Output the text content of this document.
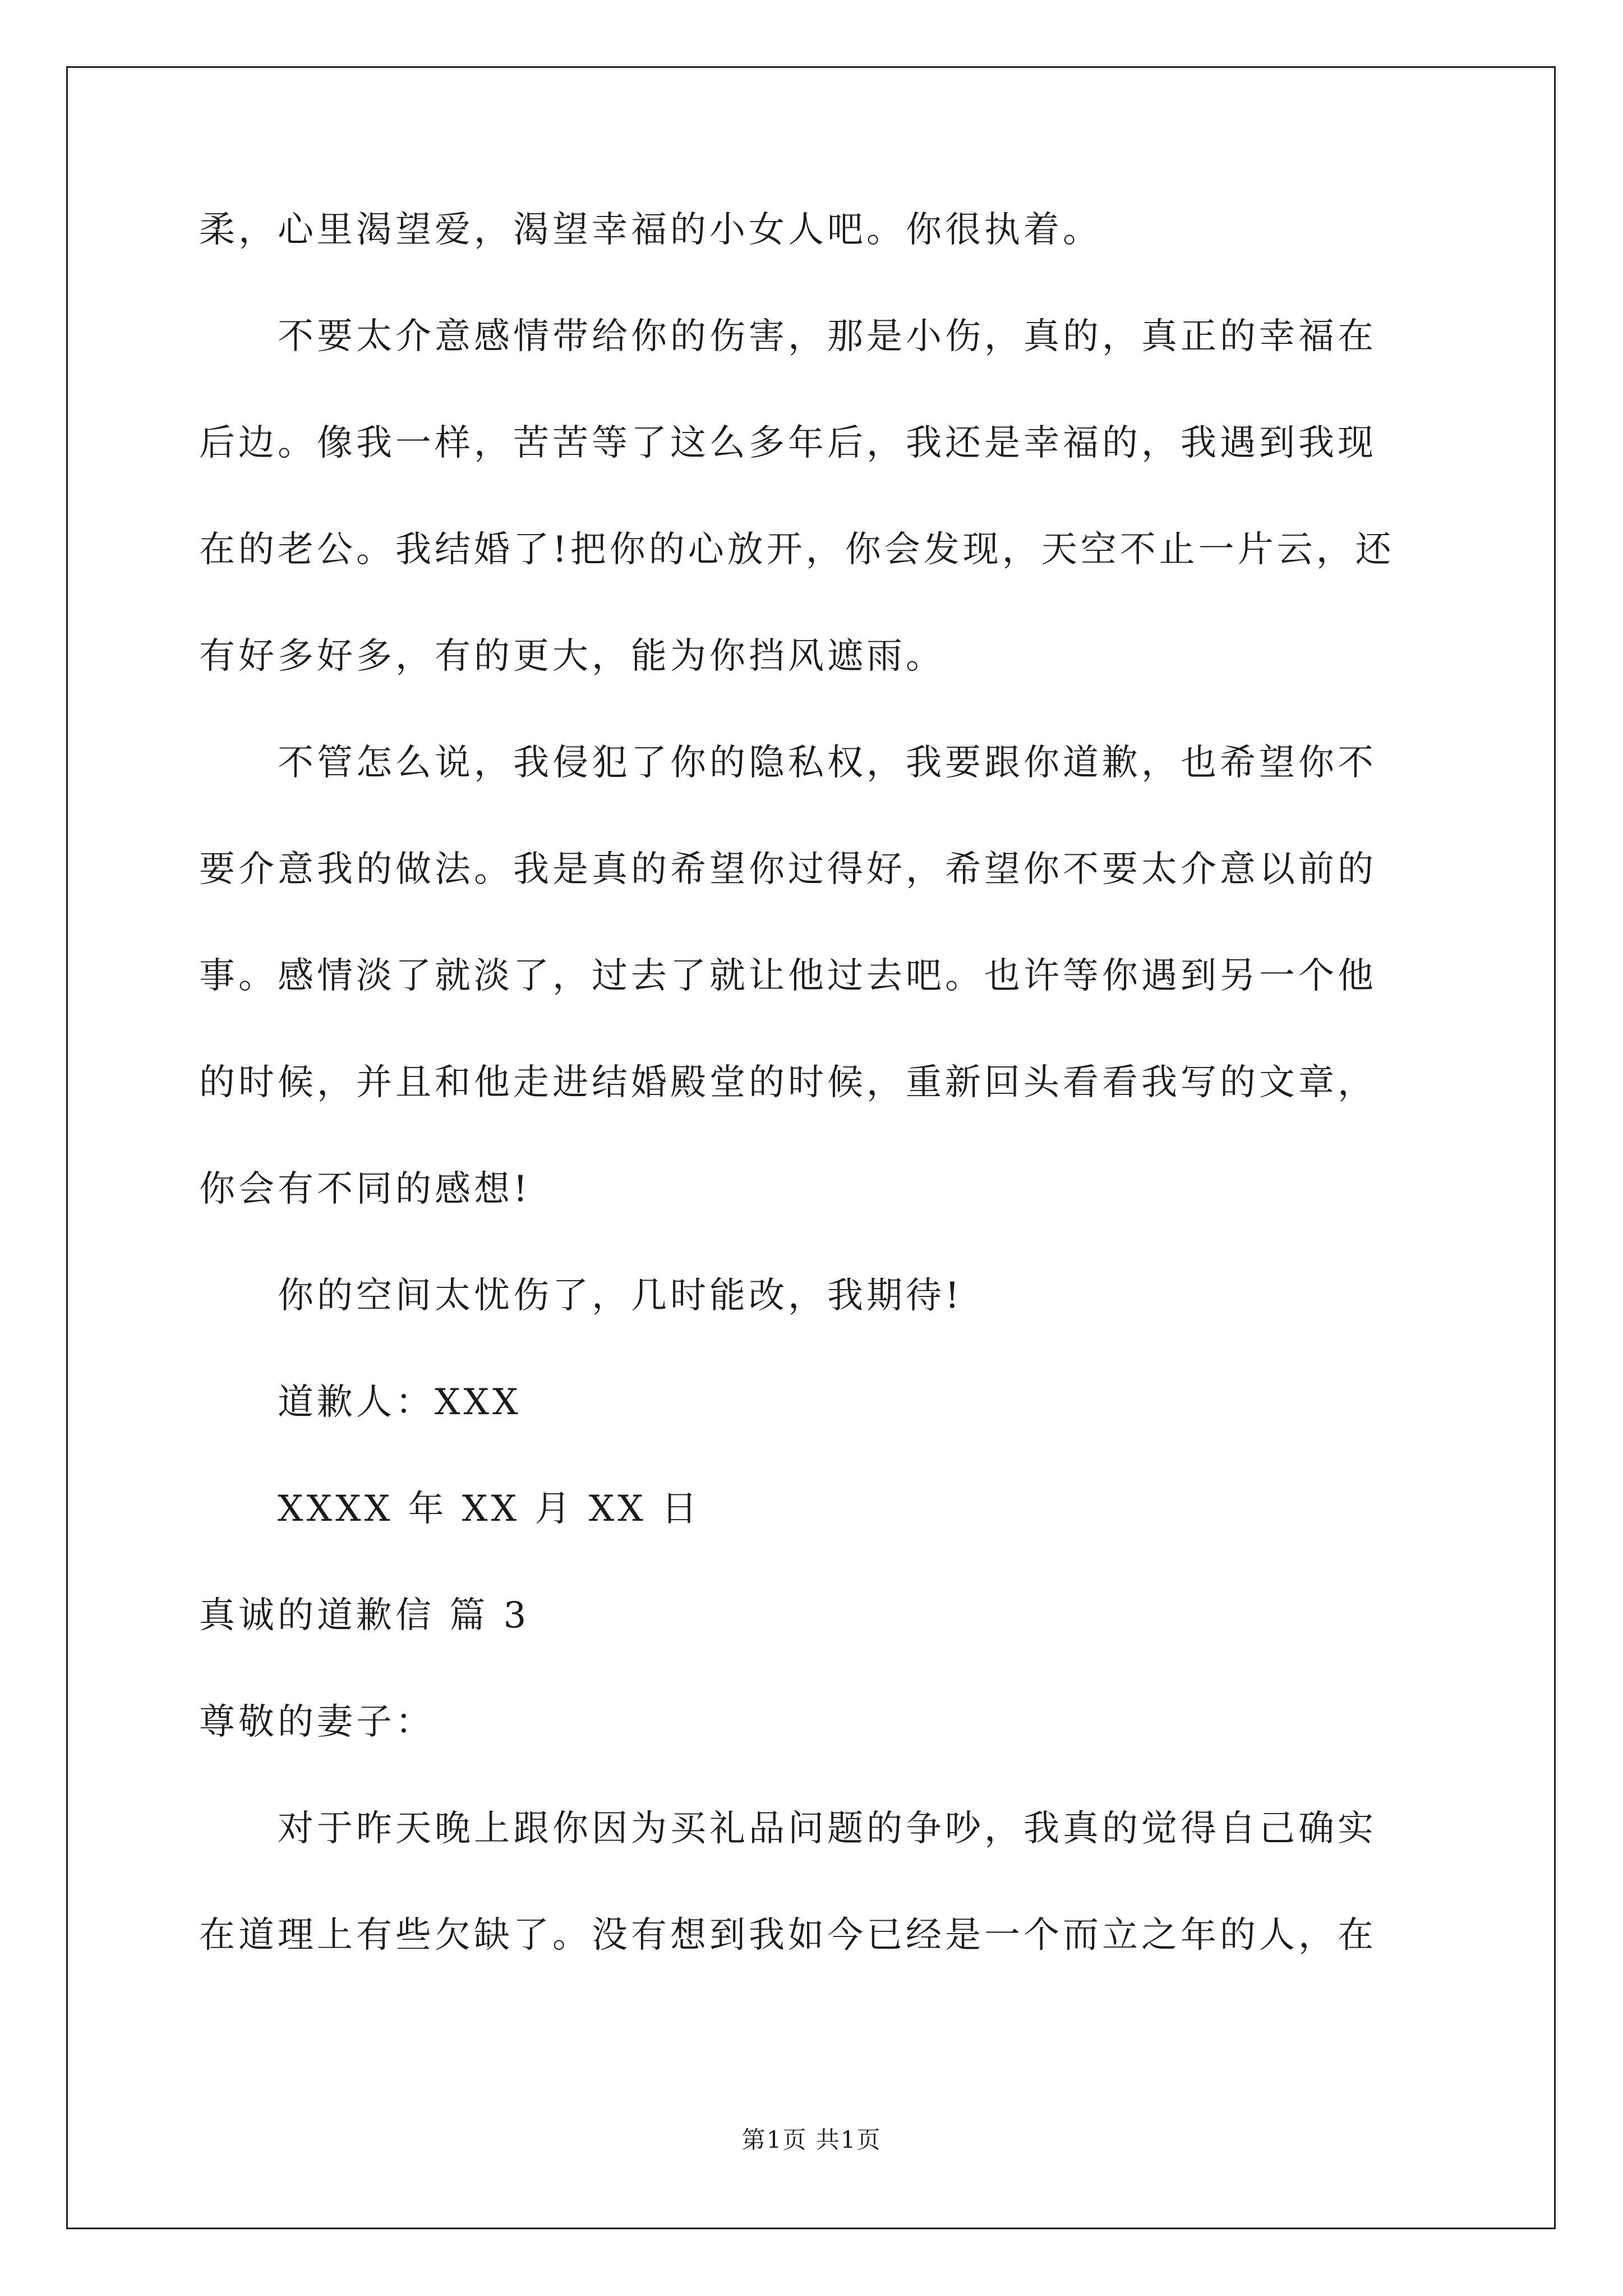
柔，心里渴望爱，渴望幸福的小女人吧。你很执着。
不要太介意感情带给你的伤害，那是小伤，真的，真正的幸福在
后边。像我一样，苦苦等了这么多年后，我还是幸福的，我遇到我现
在的老公。我结婚了!把你的心放开，你会发现，天空不止一片云，还
有好多好多，有的更大，能为你挡风遮雨。
不管怎么说，我侵犯了你的隐私权，我要跟你道歉，也希望你不
要介意我的做法。我是真的希望你过得好，希望你不要太介意以前的
事。感情淡了就淡了，过去了就让他过去吧。也许等你遇到另一个他
的时候，并且和他走进结婚殿堂的时候，重新回头看看我写的文章，
你会有不同的感想!
你的空间太忧伤了，几时能改，我期待!
道歉人：XXX
XXXX 年 XX 月 XX 日
真诚的道歉信 篇 3
尊敬的妻子：
对于昨天晚上跟你因为买礼品问题的争吵，我真的觉得自己确实
在道理上有些欠缺了。没有想到我如今已经是一个而立之年的人，在
第1页 共1页
